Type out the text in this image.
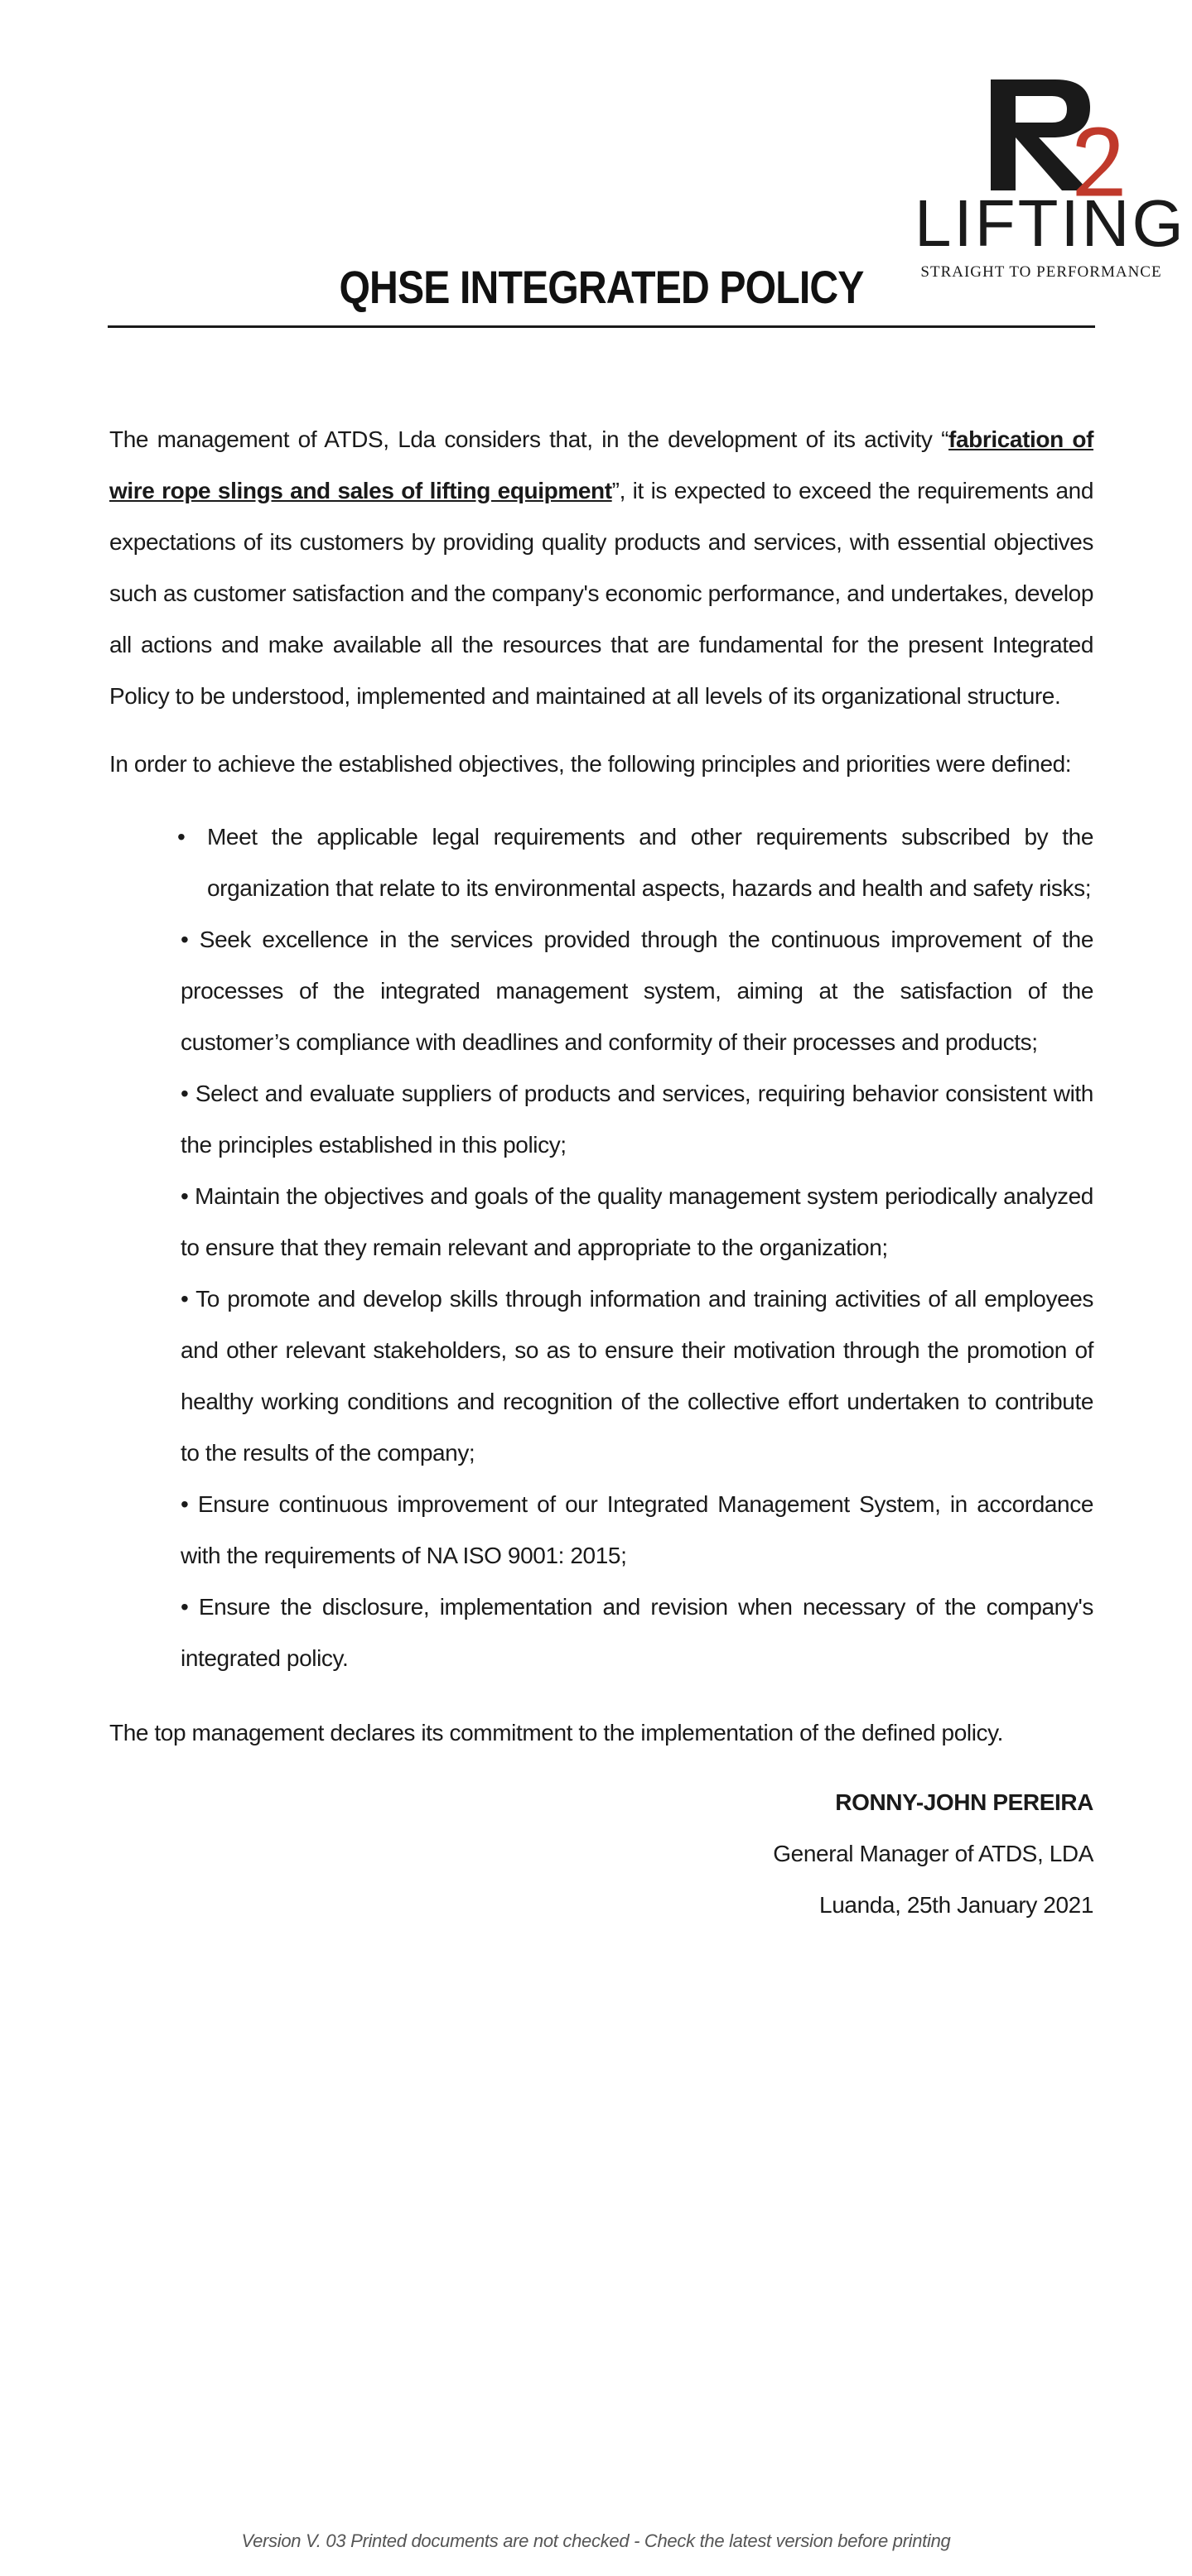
LIFTING
STRAIGHT TO PERFORMANCE
QHSE INTEGRATED POLICY

The management of ATDS, Lda considers that, in the development of its activity “fabrication of wire rope slings and sales of lifting equipment”, it is expected to exceed the requirements and expectations of its customers by providing quality products and services, with essential objectives such as customer satisfaction and the company's economic performance, and undertakes, develop all actions and make available all the resources that are fundamental for the present Integrated Policy to be understood, implemented and maintained at all levels of its organizational structure.

In order to achieve the established objectives, the following principles and priorities were defined:

• Meet the applicable legal requirements and other requirements subscribed by the organization that relate to its environmental aspects, hazards and health and safety risks;
• Seek excellence in the services provided through the continuous improvement of the processes of the integrated management system, aiming at the satisfaction of the customer’s compliance with deadlines and conformity of their processes and products;
• Select and evaluate suppliers of products and services, requiring behavior consistent with the principles established in this policy;
• Maintain the objectives and goals of the quality management system periodically analyzed to ensure that they remain relevant and appropriate to the organization;
• To promote and develop skills through information and training activities of all employees and other relevant stakeholders, so as to ensure their motivation through the promotion of healthy working conditions and recognition of the collective effort undertaken to contribute to the results of the company;
• Ensure continuous improvement of our Integrated Management System, in accordance with the requirements of NA ISO 9001: 2015;
• Ensure the disclosure, implementation and revision when necessary of the company's integrated policy.

The top management declares its commitment to the implementation of the defined policy.

RONNY-JOHN PEREIRA
General Manager of ATDS, LDA
Luanda, 25th January 2021
Version V. 03 Printed documents are not checked - Check the latest version before printing
